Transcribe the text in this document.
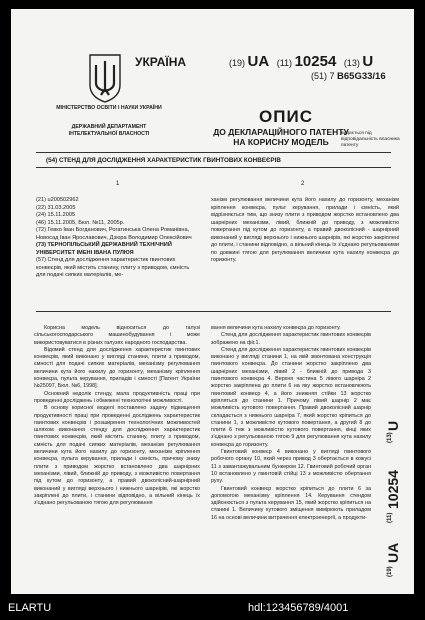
УКРАЇНА	(19) UA (11) 10254 (13) U
(51) 7 B65G33/16
МІНІСТЕРСТВО ОСВІТИ І НАУКИ УКРАЇНИ
ДЕРЖАВНИЙ ДЕПАРТАМЕНТ ІНТЕЛЕКТУАЛЬНОЇ ВЛАСНОСТІ
ОПИС
ДО ДЕКЛАРАЦІЙНОГО ПАТЕНТУ
НА КОРИСНУ МОДЕЛЬ
видається під відповідальність власника патенту
(54) СТЕНД ДЛЯ ДОСЛІДЖЕННЯ ХАРАКТЕРИСТИК ГВИНТОВИХ КОНВЕЄРІВ
1	2
(21) u200502962
(22) 31.03.2005
(24) 15.11.2005
(46) 15.11.2005, Бюл. №11, 2005р.
(72) Гевко Іван Богданович, Рогатинська Олена Романівна, Новосад Іван Ярославович, Дзюра Володимир Олексійович
(73) ТЕРНОПІЛЬСЬКИЙ ДЕРЖАВНИЙ ТЕХНІЧНИЙ УНІВЕРСИТЕТ ІМЕНІ ІВАНА ПУЛЮЯ
(57) Стенд для дослідження характеристик гвинтових конвеєрів, який містить станину, плиту з приводом, ємність для подачі сипких матеріалів, ме-
ханізм регулювання величини кута його нахилу до горизонту, механізм кріплення конвеєра, пульт керування, прилади і ємність, який відрізняється тим, що знизу плити з приводом жорстко встановлено два шарнірних механізми, лівий, ближній до приводу, з можливістю повертання під кутом до горизонту, а правий двоколісний - шарнірний виконаний у вигляді верхнього і нижнього шарнірів, які жорстко закріплені до плити, і станини відповідно, а вільний кінець їх з'єднано регульованими по довжині тягою для регулювання величини кута нахилу конвеєра до горизонту.

Корисна модель відноситься до галузі сільськогосподарського машинобудування і може використовуватися в різних галузях народного господарства.

Відомий стенд для дослідження характеристик гвинтових конвеєрів, який виконано у вигляді станини, плити з приводом, ємності для подачі сипких матеріалів, механізму регулювання величини кута його нахилу до горизонту, механізму кріплення конвеєра, пульта керування, приладів і ємності [Патент України №25097, Бюл. №6, 1998].

Основний недолік стенду, мала продуктивність праці при проведенні досліджень і обмежені технологічні можливості.

В основу корисної моделі поставлено задачу підвищення продуктивності праці при проведенні досліджень характеристик гвинтових конвеєрів і розширення технологічних можливостей шляхом виконання стенду для дослідження характеристик гвинтових конвеєрів, який містить станину, плиту з приводом, ємність для подачі сипких матеріалів, механізм регулювання величини кута його нахилу до горизонту, механізм кріплення конвеєра, пульта керування, прилади і ємність, причому знизу плити з приводом жорстко встановлено два шарнірних механізми, лівий, ближній до приводу, з можливістю повертання під кутом до горизонту, а правий двоколісний-шарнірний виконаний у вигляді верхнього і нижнього шарнірів, які жорстко закріплені до плити, і станини відповідно, а вільний кінець їх з'єднано регульованою тягою для регулювання

вання величини кута нахилу конвеєра до горизонту.

Стенд для дослідження характеристик гвинтових конвеєрів зображено на фіг.1.

Стенд для дослідження характеристик гвинтових конвеєрів виконано у вигляді станини 1, на якій змонтована конструкція гвинтового конвеєра. До станини жорстко закріплено два шарнірних механізми, лівий 2 - ближній до привода 3 гвинтового конвеєра 4. Верхня частина 5 лівого шарніра 2 жорстко закріплена до плити 6 на яку жорстко встановлюють гвинтовий конвеєр 4, а його знижняя стійки 13 жорстко кріпляться до станини 1. Причому лівий шарнір 2 має можливість кутового повертання. Правий двоколісний шарнір складається з нижнього шарніра 7, який жорстко кріпиться до станини 1, з можливістю кутового повертання, а другий 8 до плити 6 теж з можливістю кутового повертання, кінці яких з'єднано з регульованою тягою 9 для регулювання кута нахилу конвеєра до горизонту.

Гвинтовий конвеєр 4 виконано у вигляді гвинтового робочого органу 10, який через привод 3 обертається в кожусі 11 з завантажувальним бункером 12. Гвинтовий робочий орган 10 встановлено у гвинтовій стійці 13 з можливістю обертання руху.

Гвинтовий конвеєр жорстко кріпиться до плити 6 за допомогою механізму кріплення 14. Керування стендом здійснюється з пульта керування 15, який жорстко кріпиться на станині 1. Величину кутового зміщення вимірюють приладом 16 на основі величини витрачення електроенергії, а продукти-

(19)
UA
(11)
10254
(13)
U
ELARTU	hdl:123456789/4001
